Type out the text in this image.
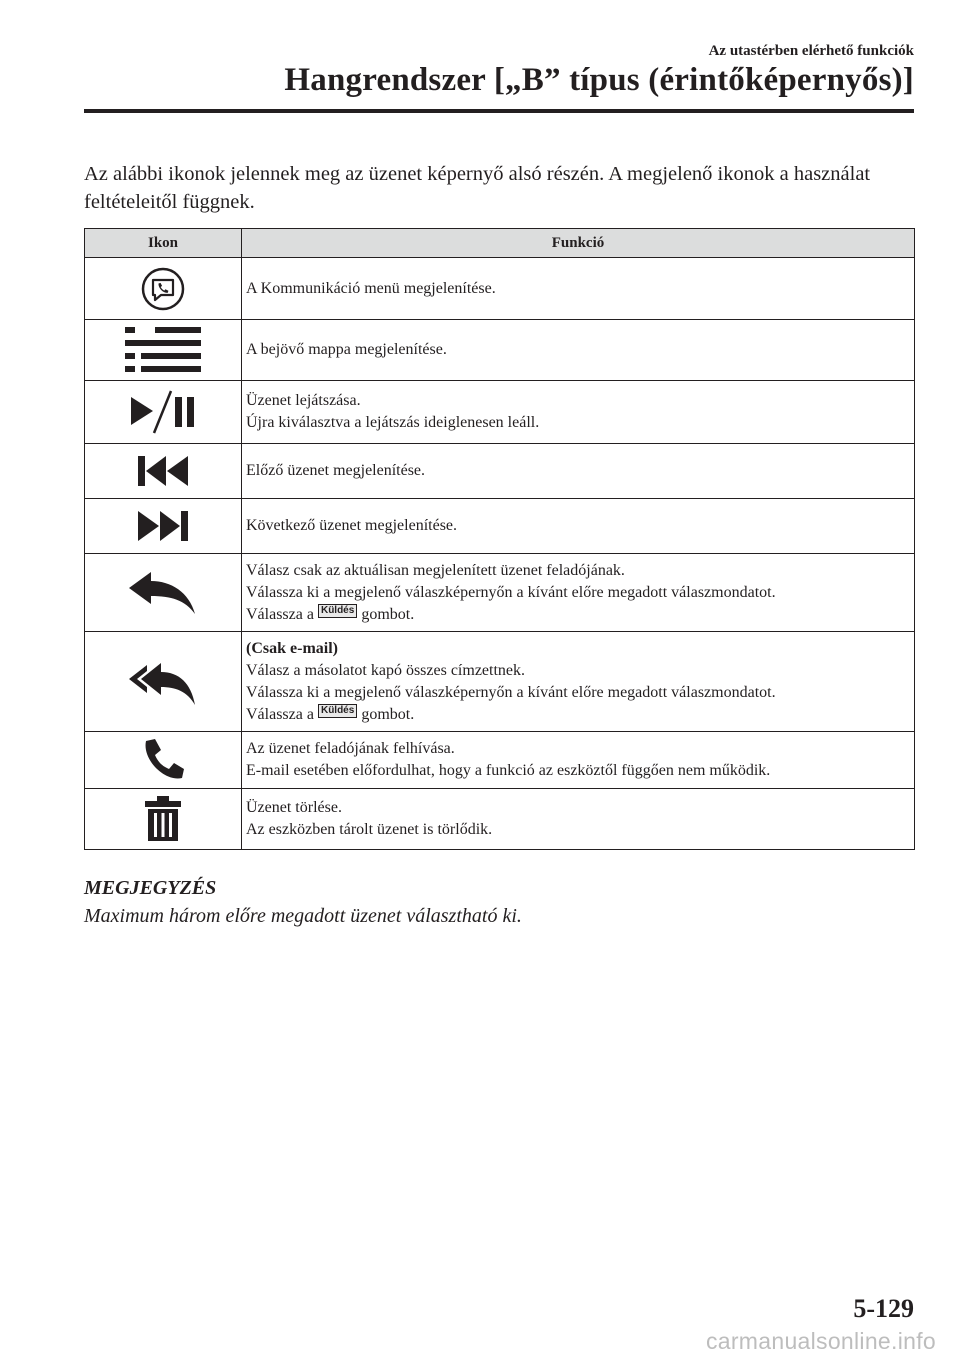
Az utastérben elérhető funkciók
Hangrendszer [„B” típus (érintőképernyős)]
Az alábbi ikonok jelennek meg az üzenet képernyő alsó részén. A megjelenő ikonok a használat feltételeitől függnek.
Ikon	Funkció

A Kommunikáció menü megjelenítése.

A bejövő mappa megjelenítése.

Üzenet lejátszása.
Újra kiválasztva a lejátszás ideiglenesen leáll.

Előző üzenet megjelenítése.

Következő üzenet megjelenítése.

Válasz csak az aktuálisan megjelenített üzenet feladójának.
Válassza ki a megjelenő válaszképernyőn a kívánt előre megadott válaszmondatot.
Válassza a Küldés gombot.

(Csak e-mail)
Válasz a másolatot kapó összes címzettnek.
Válassza ki a megjelenő válaszképernyőn a kívánt előre megadott válaszmondatot.
Válassza a Küldés gombot.

Az üzenet feladójának felhívása.
E-mail esetében előfordulhat, hogy a funkció az eszköztől függően nem működik.

Üzenet törlése.
Az eszközben tárolt üzenet is törlődik.
MEGJEGYZÉS
Maximum három előre megadott üzenet választható ki.
5-129
carmanualsonline.info
